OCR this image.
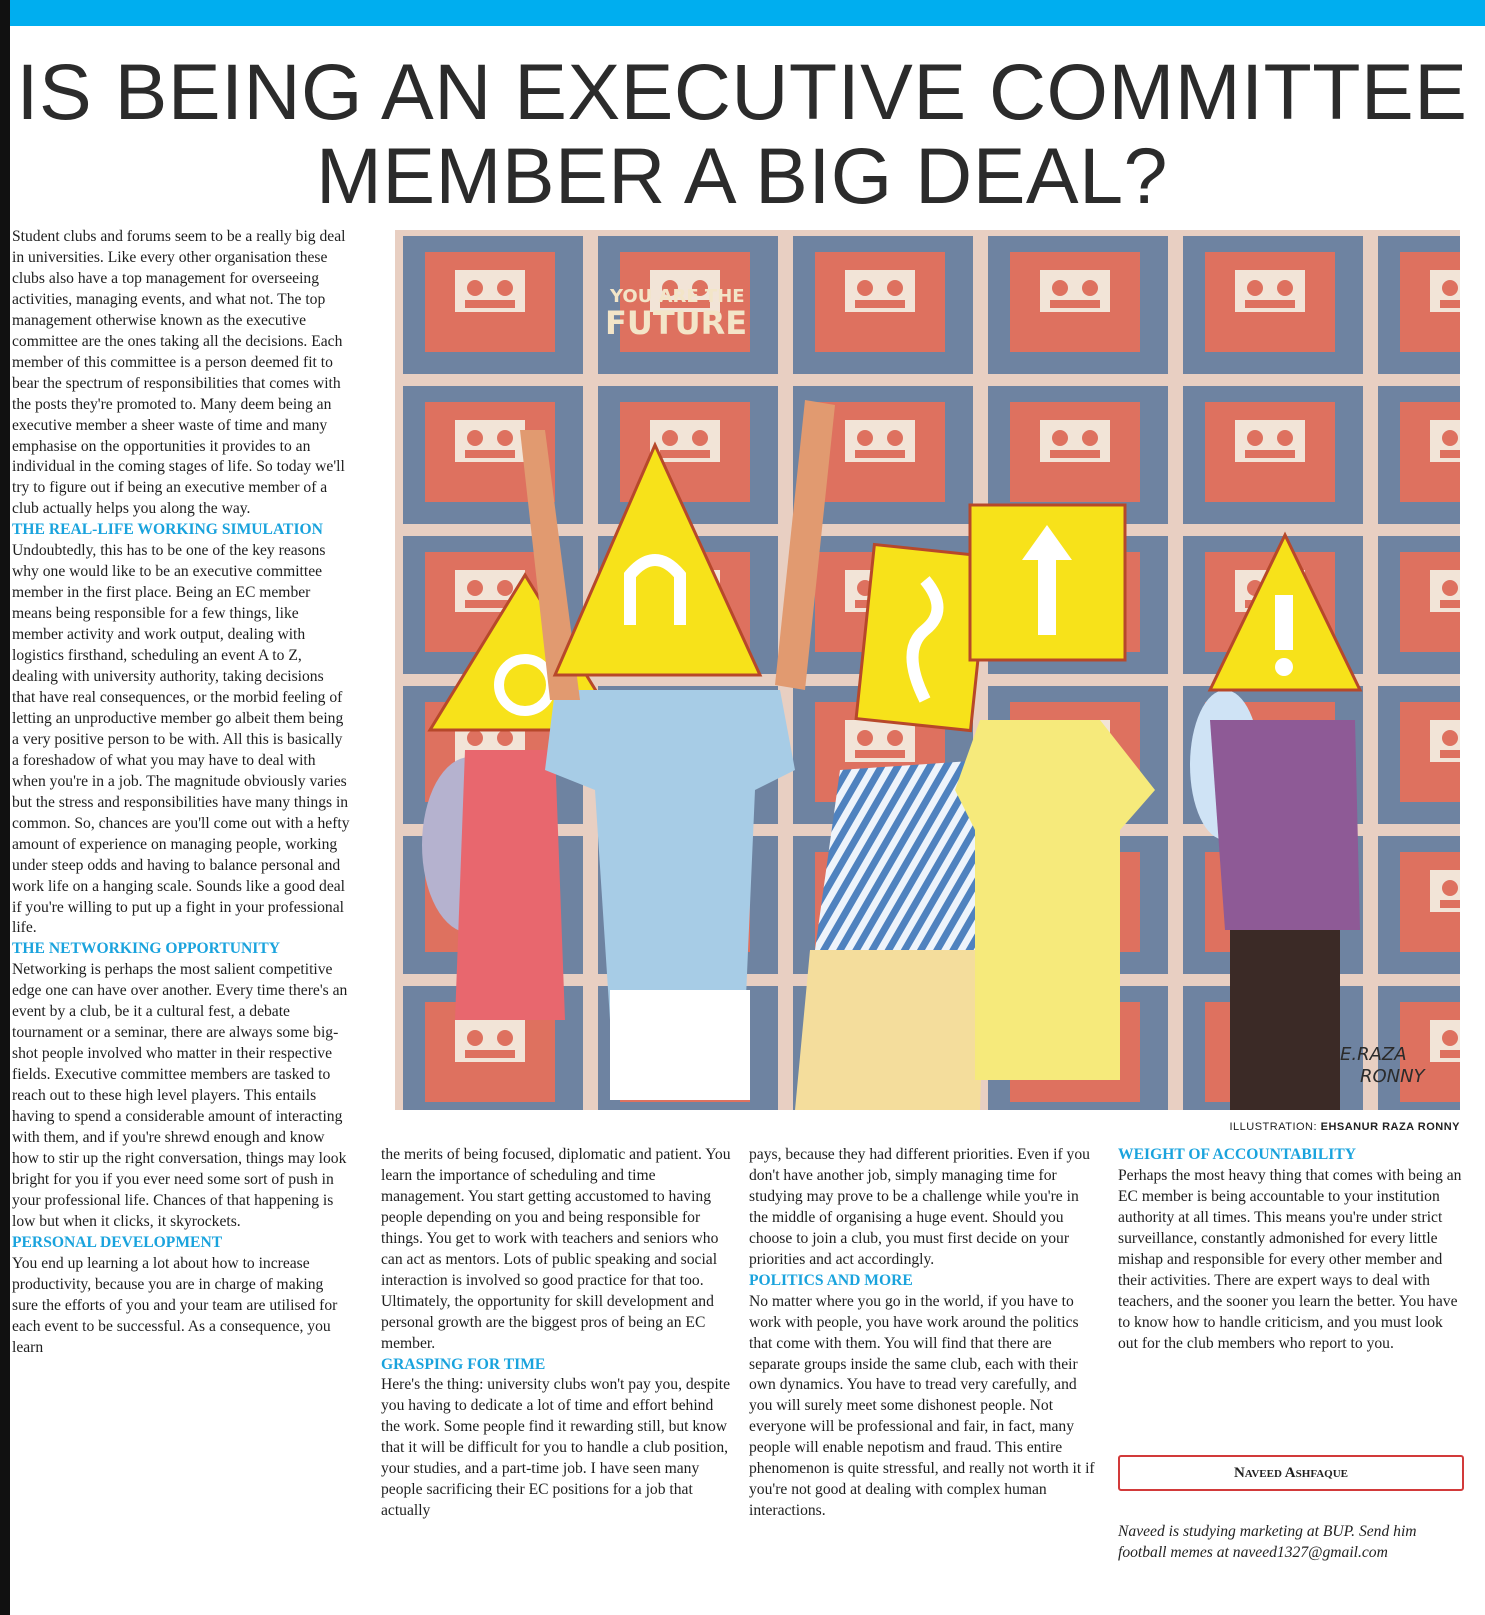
IS BEING AN EXECUTIVE COMMITTEE MEMBER A BIG DEAL?

Student clubs and forums seem to be a really big deal in universities. Like every other organisation these clubs also have a top management for overseeing activities, managing events, and what not. The top management otherwise known as the executive committee are the ones taking all the decisions. Each member of this committee is a person deemed fit to bear the spectrum of responsibilities that comes with the posts they're promoted to. Many deem being an executive member a sheer waste of time and many emphasise on the opportunities it provides to an individual in the coming stages of life. So today we'll try to figure out if being an executive member of a club actually helps you along the way.

THE REAL-LIFE WORKING SIMULATION

Undoubtedly, this has to be one of the key reasons why one would like to be an executive committee member in the first place. Being an EC member means being responsible for a few things, like member activity and work output, dealing with logistics firsthand, scheduling an event A to Z, dealing with university authority, taking decisions that have real consequences, or the morbid feeling of letting an unproductive member go albeit them being a very positive person to be with. All this is basically a foreshadow of what you may have to deal with when you're in a job. The magnitude obviously varies but the stress and responsibilities have many things in common. So, chances are you'll come out with a hefty amount of experience on managing people, working under steep odds and having to balance personal and work life on a hanging scale. Sounds like a good deal if you're willing to put up a fight in your professional life.

THE NETWORKING OPPORTUNITY

Networking is perhaps the most salient competitive edge one can have over another. Every time there's an event by a club, be it a cultural fest, a debate tournament or a seminar, there are always some big-shot people involved who matter in their respective fields. Executive committee members are tasked to reach out to these high level players. This entails having to spend a considerable amount of interacting with them, and if you're shrewd enough and know how to stir up the right conversation, things may look bright for you if you ever need some sort of push in your professional life. Chances of that happening is low but when it clicks, it skyrockets.

PERSONAL DEVELOPMENT

You end up learning a lot about how to increase productivity, because you are in charge of making sure the efforts of you and your team are utilised for each event to be successful. As a consequence, you learn

YOU ARE THE
FUTURE
E.RAZA
RONNY
ILLUSTRATION: EHSANUR RAZA RONNY

the merits of being focused, diplomatic and patient. You learn the importance of scheduling and time management. You start getting accustomed to having people depending on you and being responsible for things. You get to work with teachers and seniors who can act as mentors. Lots of public speaking and social interaction is involved so good practice for that too. Ultimately, the opportunity for skill development and personal growth are the biggest pros of being an EC member.

GRASPING FOR TIME

Here's the thing: university clubs won't pay you, despite you having to dedicate a lot of time and effort behind the work. Some people find it rewarding still, but know that it will be difficult for you to handle a club position, your studies, and a part-time job. I have seen many people sacrificing their EC positions for a job that actually

pays, because they had different priorities. Even if you don't have another job, simply managing time for studying may prove to be a challenge while you're in the middle of organising a huge event. Should you choose to join a club, you must first decide on your priorities and act accordingly.

POLITICS AND MORE

No matter where you go in the world, if you have to work with people, you have work around the politics that come with them. You will find that there are separate groups inside the same club, each with their own dynamics. You have to tread very carefully, and you will surely meet some dishonest people. Not everyone will be professional and fair, in fact, many people will enable nepotism and fraud. This entire phenomenon is quite stressful, and really not worth it if you're not good at dealing with complex human interactions.

WEIGHT OF ACCOUNTABILITY

Perhaps the most heavy thing that comes with being an EC member is being accountable to your institution authority at all times. This means you're under strict surveillance, constantly admonished for every little mishap and responsible for every other member and their activities. There are expert ways to deal with teachers, and the sooner you learn the better. You have to know how to handle criticism, and you must look out for the club members who report to you.

Naveed Ashfaque
Naveed is studying marketing at BUP. Send him football memes at naveed1327@gmail.com
